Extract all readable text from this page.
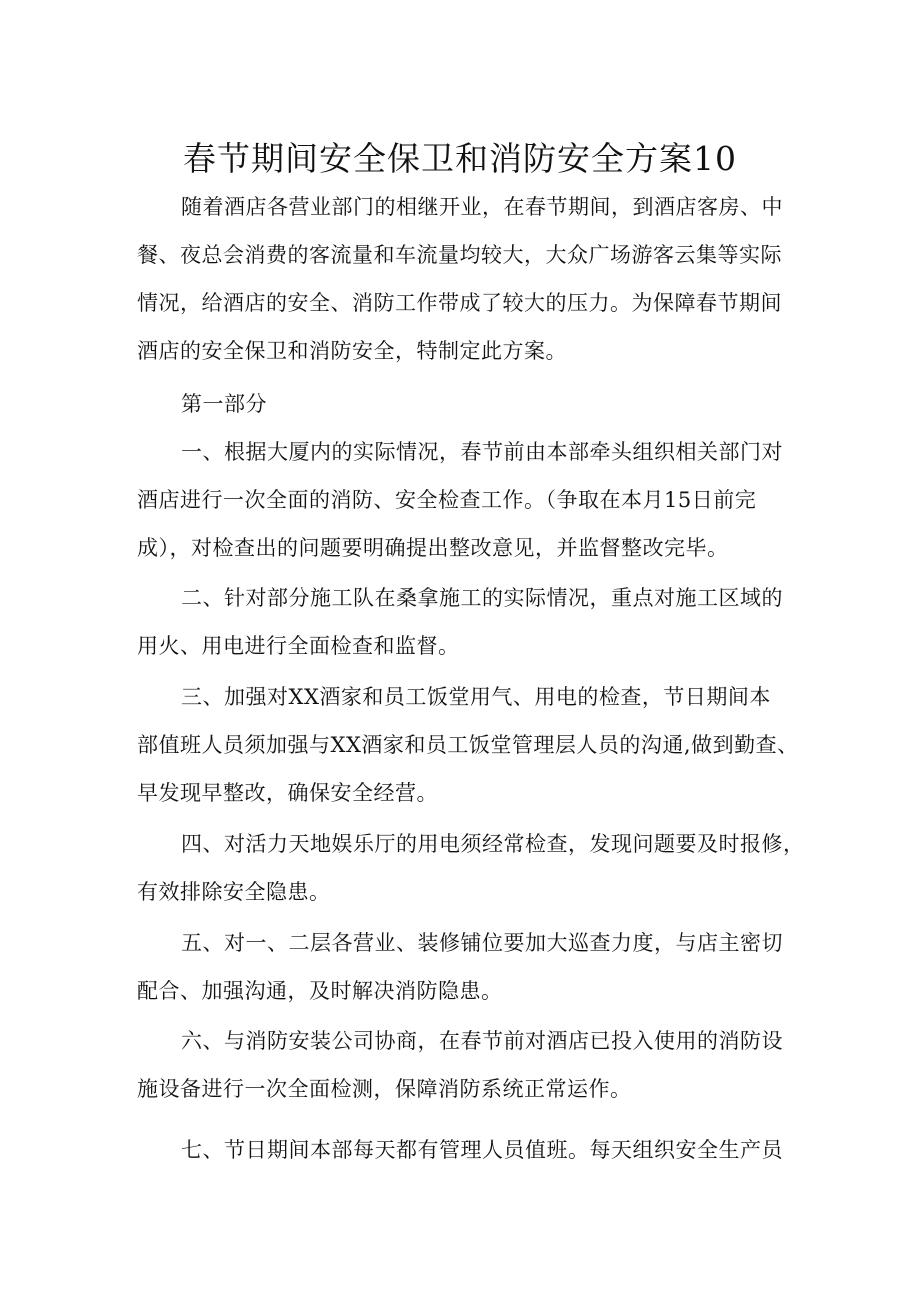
春节期间安全保卫和消防安全方案10
随着酒店各营业部门的相继开业，在春节期间，到酒店客房、中
餐、夜总会消费的客流量和车流量均较大，大众广场游客云集等实际
情况，给酒店的安全、消防工作带成了较大的压力。为保障春节期间
酒店的安全保卫和消防安全，特制定此方案。
第一部分
一、根据大厦内的实际情况，春节前由本部牵头组织相关部门对
酒店进行一次全面的消防、安全检查工作。（争取在本月15日前完
成），对检查出的问题要明确提出整改意见，并监督整改完毕。
二、针对部分施工队在桑拿施工的实际情况，重点对施工区域的
用火、用电进行全面检查和监督。
三、加强对XX酒家和员工饭堂用气、用电的检查，节日期间本
部值班人员须加强与XX酒家和员工饭堂管理层人员的沟通,做到勤查、
早发现早整改，确保安全经营。
四、对活力天地娱乐厅的用电须经常检查，发现问题要及时报修，
有效排除安全隐患。
五、对一、二层各营业、装修铺位要加大巡查力度，与店主密切
配合、加强沟通，及时解决消防隐患。
六、与消防安装公司协商，在春节前对酒店已投入使用的消防设
施设备进行一次全面检测，保障消防系统正常运作。
七、节日期间本部每天都有管理人员值班。每天组织安全生产员
